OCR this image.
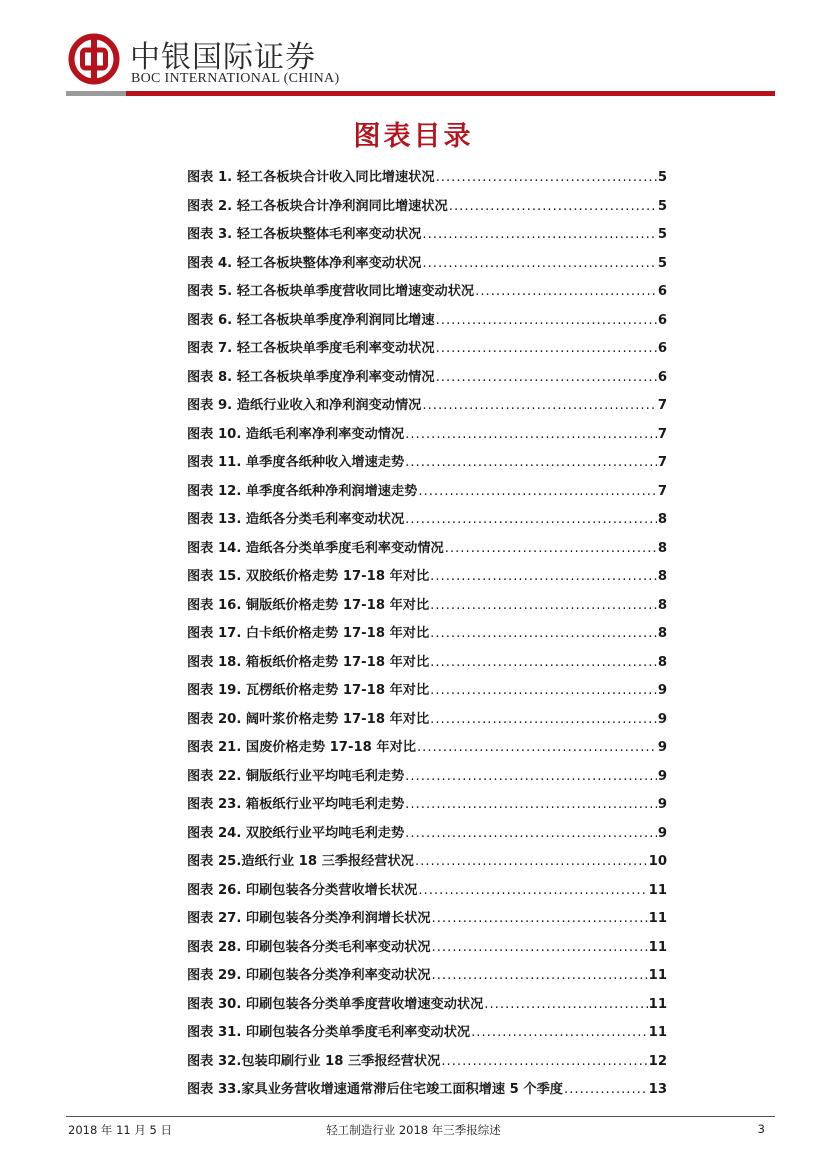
中银国际证券
BOC INTERNATIONAL (CHINA)
图表目录
图表 1. 轻工各板块合计收入同比增速状况 .....	5
图表 2. 轻工各板块合计净利润同比增速状况 .....	5
图表 3. 轻工各板块整体毛利率变动状况 .....	5
图表 4. 轻工各板块整体净利率变动状况 .....	5
图表 5. 轻工各板块单季度营收同比增速变动状况 .....	6
图表 6. 轻工各板块单季度净利润同比增速 .....	6
图表 7. 轻工各板块单季度毛利率变动状况 .....	6
图表 8. 轻工各板块单季度净利率变动情况 .....	6
图表 9. 造纸行业收入和净利润变动情况 .....	7
图表 10. 造纸毛利率净利率变动情况 .....	7
图表 11. 单季度各纸种收入增速走势 .....	7
图表 12. 单季度各纸种净利润增速走势 .....	7
图表 13. 造纸各分类毛利率变动状况 .....	8
图表 14. 造纸各分类单季度毛利率变动情况 .....	8
图表 15. 双胶纸价格走势 17-18 年对比 .....	8
图表 16. 铜版纸价格走势 17-18 年对比 .....	8
图表 17. 白卡纸价格走势 17-18 年对比 .....	8
图表 18. 箱板纸价格走势 17-18 年对比 .....	8
图表 19. 瓦楞纸价格走势 17-18 年对比 .....	9
图表 20. 阔叶浆价格走势 17-18 年对比 .....	9
图表 21. 国废价格走势 17-18 年对比 .....	9
图表 22. 铜版纸行业平均吨毛利走势 .....	9
图表 23. 箱板纸行业平均吨毛利走势 .....	9
图表 24. 双胶纸行业平均吨毛利走势 .....	9
图表 25.造纸行业 18 三季报经营状况 .....	10
图表 26. 印刷包装各分类营收增长状况 .....	11
图表 27. 印刷包装各分类净利润增长状况 .....	11
图表 28. 印刷包装各分类毛利率变动状况 .....	11
图表 29. 印刷包装各分类净利率变动状况 .....	11
图表 30. 印刷包装各分类单季度营收增速变动状况 .....	11
图表 31. 印刷包装各分类单季度毛利率变动状况 .....	11
图表 32.包装印刷行业 18 三季报经营状况 .....	12
图表 33.家具业务营收增速通常滞后住宅竣工面积增速 5 个季度 .....	13
2018 年 11 月 5 日	轻工制造行业 2018 年三季报综述	3
